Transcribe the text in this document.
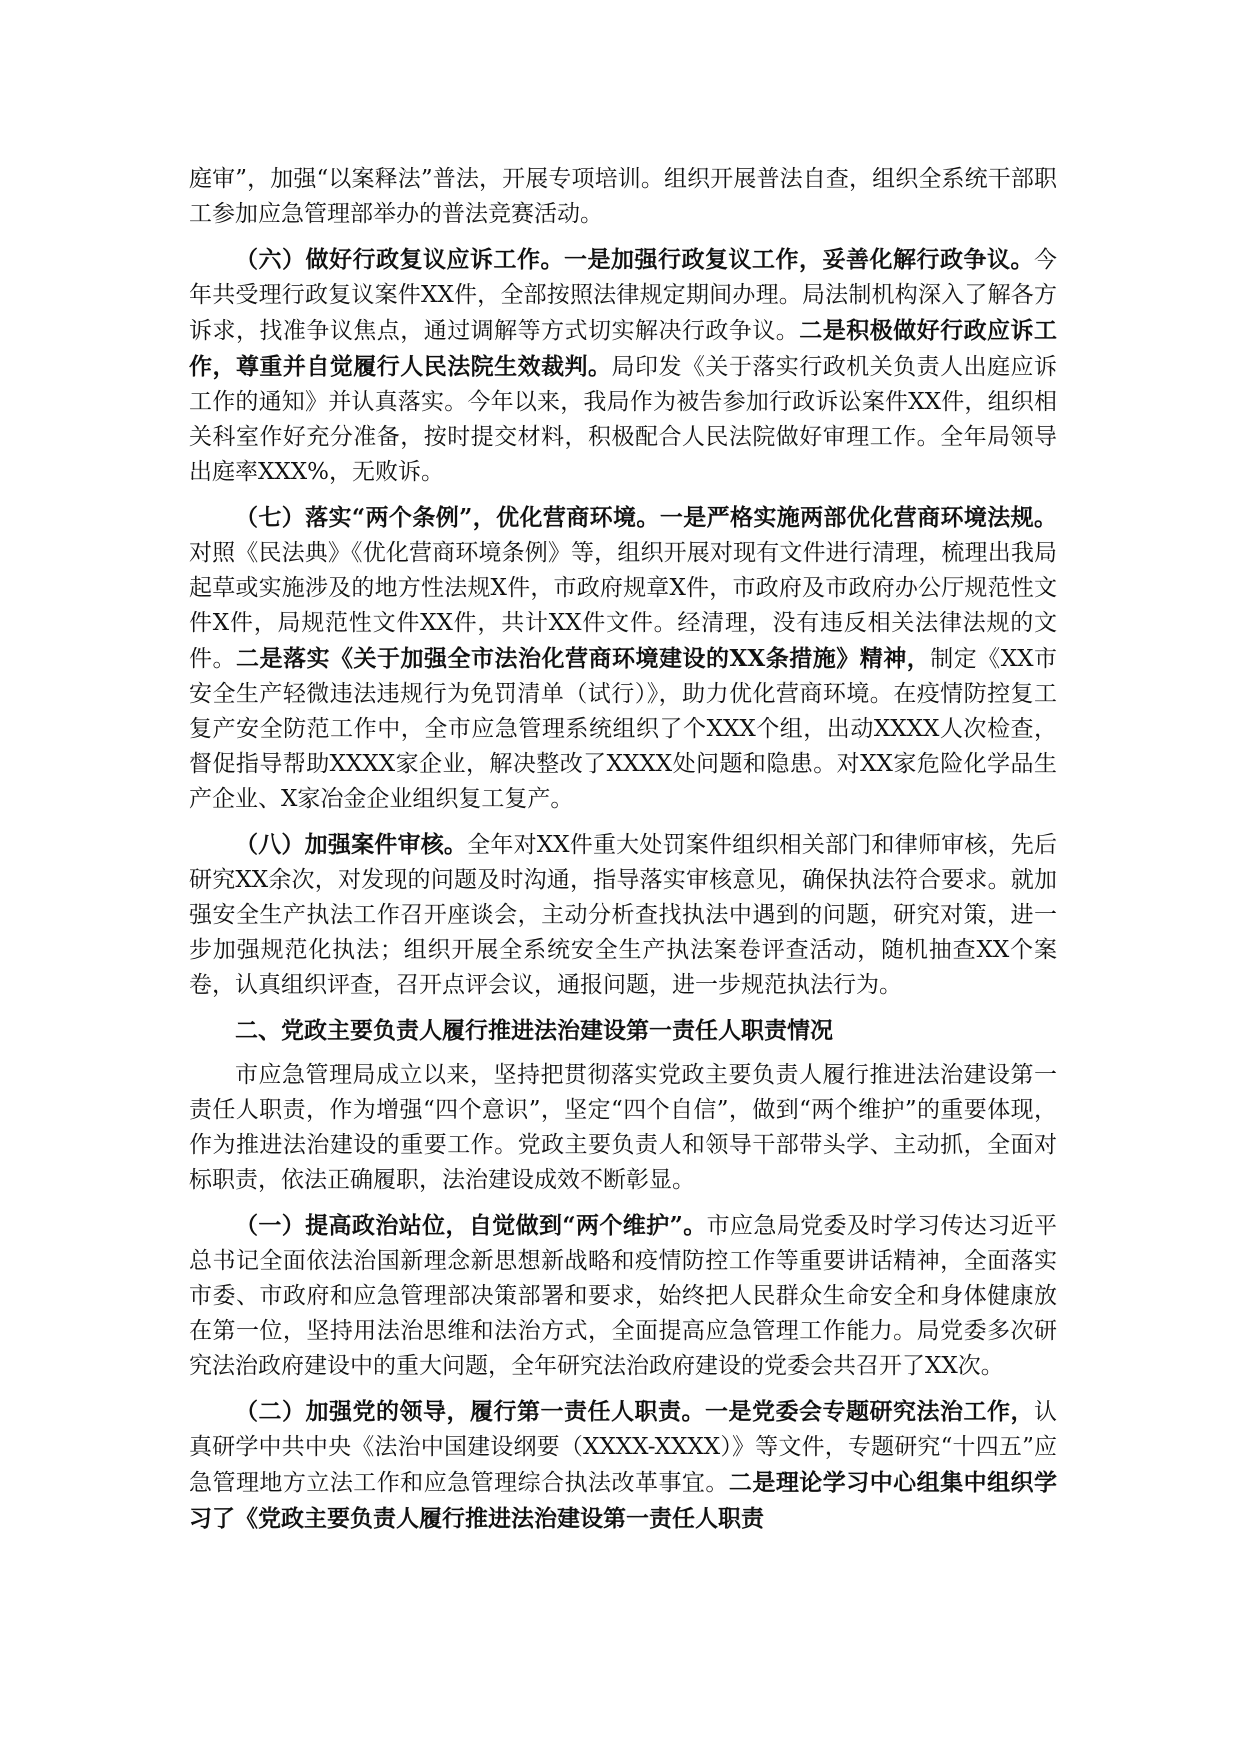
庭审”，加强“以案释法”普法，开展专项培训。组织开展普法自查，组织全系统干部职工参加应急管理部举办的普法竞赛活动。

（六）做好行政复议应诉工作。一是加强行政复议工作，妥善化解行政争议。今年共受理行政复议案件XX件，全部按照法律规定期间办理。局法制机构深入了解各方诉求，找准争议焦点，通过调解等方式切实解决行政争议。二是积极做好行政应诉工作，尊重并自觉履行人民法院生效裁判。局印发《关于落实行政机关负责人出庭应诉工作的通知》并认真落实。今年以来，我局作为被告参加行政诉讼案件XX件，组织相关科室作好充分准备，按时提交材料，积极配合人民法院做好审理工作。全年局领导出庭率XXX%，无败诉。

（七）落实“两个条例”，优化营商环境。一是严格实施两部优化营商环境法规。对照《民法典》《优化营商环境条例》等，组织开展对现有文件进行清理，梳理出我局起草或实施涉及的地方性法规X件，市政府规章X件，市政府及市政府办公厅规范性文件X件，局规范性文件XX件，共计XX件文件。经清理，没有违反相关法律法规的文件。二是落实《关于加强全市法治化营商环境建设的XX条措施》精神，制定《XX市安全生产轻微违法违规行为免罚清单（试行）》，助力优化营商环境。在疫情防控复工复产安全防范工作中，全市应急管理系统组织了个XXX个组，出动XXXX人次检查，督促指导帮助XXXX家企业，解决整改了XXXX处问题和隐患。对XX家危险化学品生产企业、X家冶金企业组织复工复产。

（八）加强案件审核。全年对XX件重大处罚案件组织相关部门和律师审核，先后研究XX余次，对发现的问题及时沟通，指导落实审核意见，确保执法符合要求。就加强安全生产执法工作召开座谈会，主动分析查找执法中遇到的问题，研究对策，进一步加强规范化执法；组织开展全系统安全生产执法案卷评查活动，随机抽查XX个案卷，认真组织评查，召开点评会议，通报问题，进一步规范执法行为。

二、党政主要负责人履行推进法治建设第一责任人职责情况

市应急管理局成立以来，坚持把贯彻落实党政主要负责人履行推进法治建设第一责任人职责，作为增强“四个意识”，坚定“四个自信”，做到“两个维护”的重要体现，作为推进法治建设的重要工作。党政主要负责人和领导干部带头学、主动抓，全面对标职责，依法正确履职，法治建设成效不断彰显。

（一）提高政治站位，自觉做到“两个维护”。市应急局党委及时学习传达习近平总书记全面依法治国新理念新思想新战略和疫情防控工作等重要讲话精神，全面落实市委、市政府和应急管理部决策部署和要求，始终把人民群众生命安全和身体健康放在第一位，坚持用法治思维和法治方式，全面提高应急管理工作能力。局党委多次研究法治政府建设中的重大问题，全年研究法治政府建设的党委会共召开了XX次。

（二）加强党的领导，履行第一责任人职责。一是党委会专题研究法治工作，认真研学中共中央《法治中国建设纲要（XXXX-XXXX）》等文件，专题研究“十四五”应急管理地方立法工作和应急管理综合执法改革事宜。二是理论学习中心组集中组织学习了《党政主要负责人履行推进法治建设第一责任人职责
